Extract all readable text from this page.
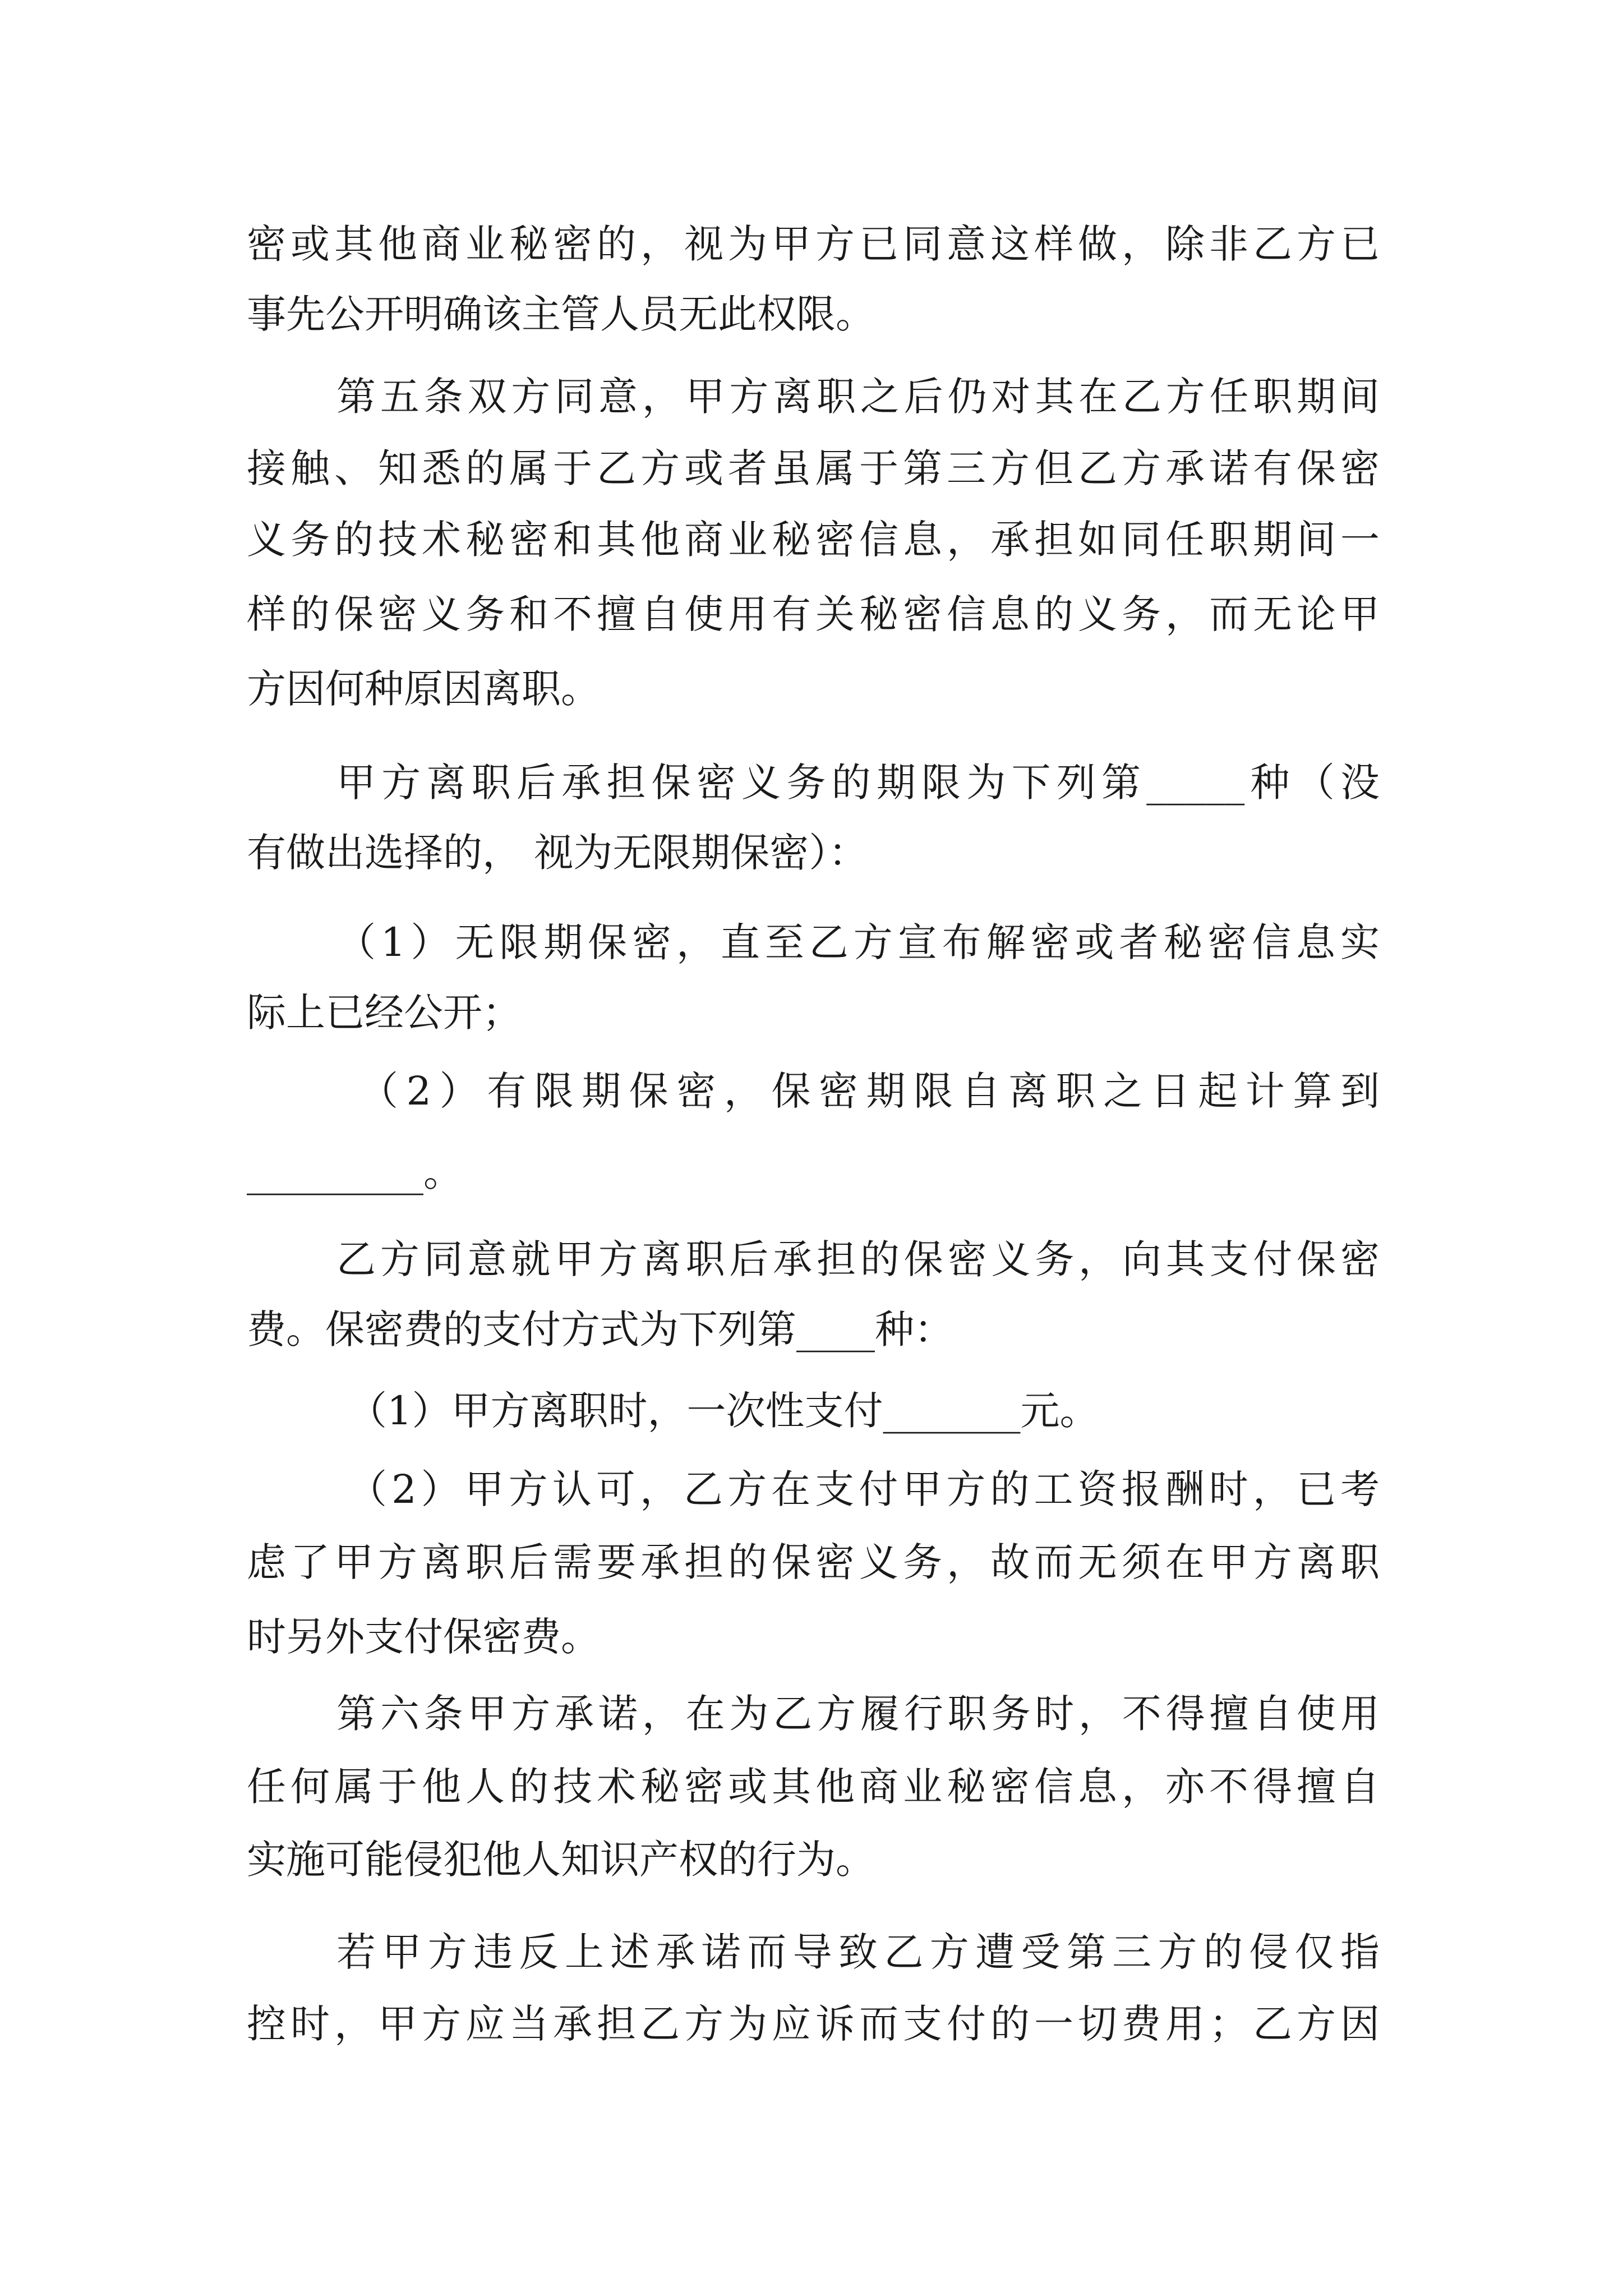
密或其他商业秘密的，视为甲方已同意这样做，除非乙方已

事先公开明确该主管人员无此权限。

第五条双方同意，甲方离职之后仍对其在乙方任职期间

接触、知悉的属于乙方或者虽属于第三方但乙方承诺有保密

义务的技术秘密和其他商业秘密信息，承担如同任职期间一

样的保密义务和不擅自使用有关秘密信息的义务，而无论甲

方因何种原因离职。

甲方离职后承担保密义务的期限为下列第_____种（没

有做出选择的， 视为无限期保密）：

（1）无限期保密，直至乙方宣布解密或者秘密信息实

际上已经公开；

（2）有限期保密，保密期限自离职之日起计算到

_________。

乙方同意就甲方离职后承担的保密义务，向其支付保密

费。保密费的支付方式为下列第____种：

（1）甲方离职时，一次性支付_______元。

（2）甲方认可，乙方在支付甲方的工资报酬时，已考

虑了甲方离职后需要承担的保密义务，故而无须在甲方离职

时另外支付保密费。

第六条甲方承诺，在为乙方履行职务时，不得擅自使用

任何属于他人的技术秘密或其他商业秘密信息，亦不得擅自

实施可能侵犯他人知识产权的行为。

若甲方违反上述承诺而导致乙方遭受第三方的侵仅指

控时，甲方应当承担乙方为应诉而支付的一切费用；乙方因
